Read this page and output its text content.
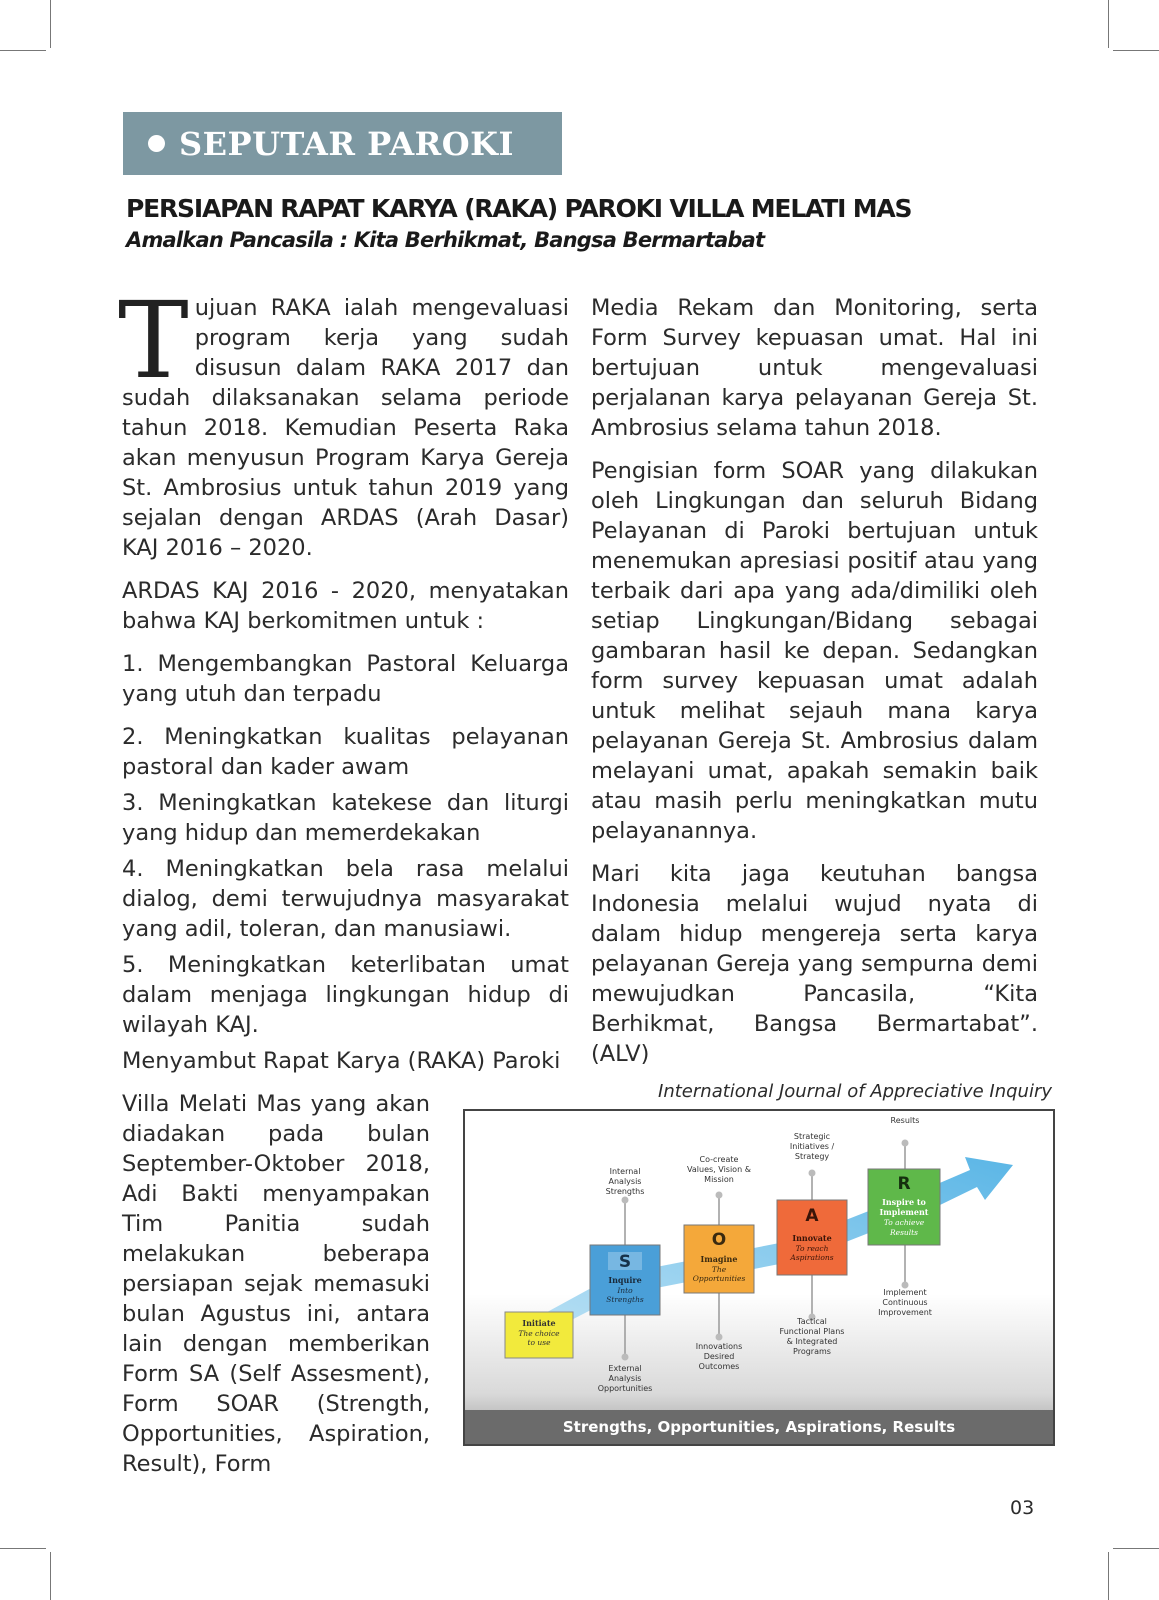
SEPUTAR PAROKI
PERSIAPAN RAPAT KARYA (RAKA) PAROKI VILLA MELATI MAS
Amalkan Pancasila : Kita Berhikmat, Bangsa Bermartabat

Tujuan RAKA ialah mengevaluasi program kerja yang sudah disusun dalam RAKA 2017 dan sudah dilaksanakan selama periode tahun 2018. Kemudian Peserta Raka akan menyusun Program Karya Gereja St. Ambrosius untuk tahun 2019 yang sejalan dengan ARDAS (Arah Dasar) KAJ 2016 – 2020.

ARDAS KAJ 2016 - 2020, menyatakan bahwa KAJ berkomitmen untuk :

1. Mengembangkan Pastoral Keluarga yang utuh dan terpadu

2. Meningkatkan kualitas pelayanan pastoral dan kader awam

3. Meningkatkan katekese dan liturgi yang hidup dan memerdekakan

4. Meningkatkan bela rasa melalui dialog, demi terwujudnya masyarakat yang adil, toleran, dan manusiawi.

5. Meningkatkan keterlibatan umat dalam menjaga lingkungan hidup di wilayah KAJ.

Menyambut Rapat Karya (RAKA) Paroki

Villa Melati Mas yang akan diadakan pada bulan September-Oktober 2018, Adi Bakti menyampakan Tim Panitia sudah melakukan beberapa persiapan sejak memasuki bulan Agustus ini, antara lain dengan memberikan Form SA (Self Assesment), Form SOAR (Strength, Opportunities, Aspiration, Result), Form

Media Rekam dan Monitoring, serta Form Survey kepuasan umat. Hal ini bertujuan untuk mengevaluasi perjalanan karya pelayanan Gereja St. Ambrosius selama tahun 2018.

Pengisian form SOAR yang dilakukan oleh Lingkungan dan seluruh Bidang Pelayanan di Paroki bertujuan untuk menemukan apresiasi positif atau yang terbaik dari apa yang ada/dimiliki oleh setiap Lingkungan/Bidang sebagai gambaran hasil ke depan. Sedangkan form survey kepuasan umat adalah untuk melihat sejauh mana karya pelayanan Gereja St. Ambrosius dalam melayani umat, apakah semakin baik atau masih perlu meningkatkan mutu pelayanannya.

Mari kita jaga keutuhan bangsa Indonesia melalui wujud nyata di dalam hidup mengereja serta karya pelayanan Gereja yang sempurna demi mewujudkan Pancasila, “Kita Berhikmat, Bangsa Bermartabat”. (ALV)

International Journal of Appreciative Inquiry
Initiate
The choice
to use
S
Inquire
Into
Strengths
O
Imagine
The
Opportunities
A
Innovate
To reach
Aspirations
R
Inspire to
Implement
To achieve
Results
Internal
Analysis
Strengths
External
Analysis
Opportunities
Co-create
Values, Vision &
Mission
Innovations
Desired
Outcomes
Strategic
Initiatives /
Strategy
Tactical
Functional Plans
& Integrated
Programs
Results
Implement
Continuous
Improvement
Strengths, Opportunities, Aspirations, Results
03
